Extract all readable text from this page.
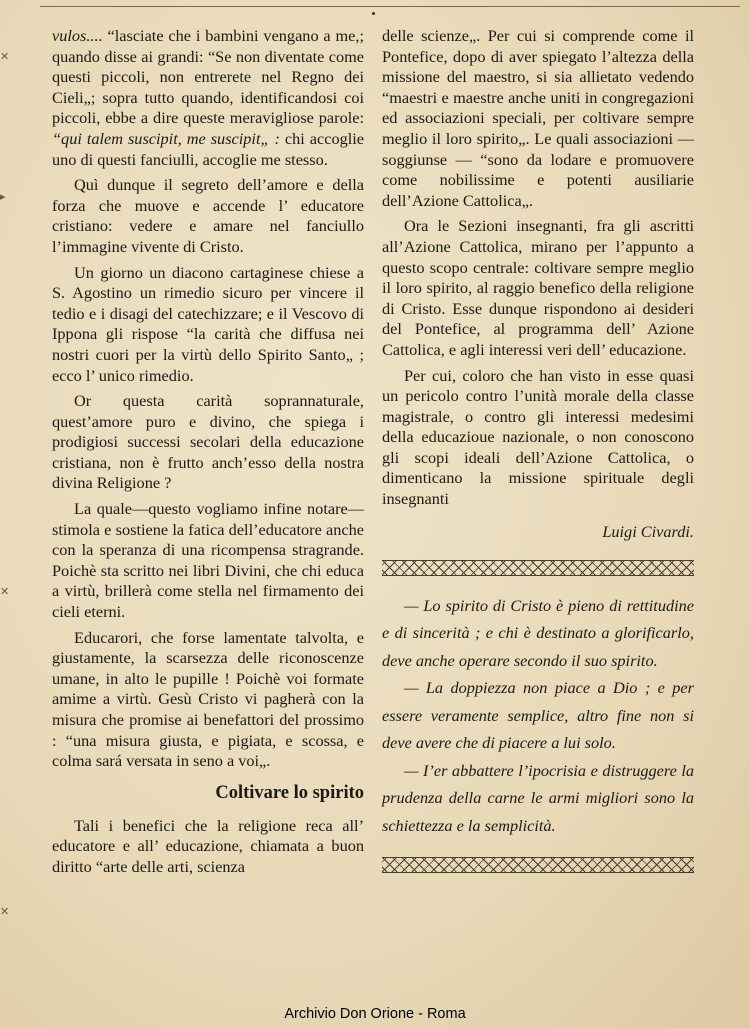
✕
▸
✕
✕

vulos.... “lasciate che i bambini vengano a me,; quando disse ai grandi: “Se non diventate come questi piccoli, non entrerete nel Regno dei Cieli„; sopra tutto quando, identificandosi coi piccoli, ebbe a dire queste meravigliose parole: “qui talem suscipit, me suscipit„ : chi accoglie uno di questi fanciulli, accoglie me stesso.

Quì dunque il segreto dell’amore e della forza che muove e accende l’ educatore cristiano: vedere e amare nel fanciullo l’immagine vivente di Cristo.

Un giorno un diacono cartaginese chiese a S. Agostino un rimedio sicuro per vincere il tedio e i disagi del catechizzare; e il Vescovo di Ippona gli rispose “la carità che diffusa nei nostri cuori per la virtù dello Spirito Santo„ ; ecco l’ unico rimedio.

Or questa carità soprannaturale, quest’amore puro e divino, che spiega i prodigiosi successi secolari della educazione cristiana, non è frutto anch’esso della nostra divina Religione ?

La quale—questo vogliamo infine notare—stimola e sostiene la fatica dell’educatore anche con la speranza di una ricompensa stragrande. Poichè sta scritto nei libri Divini, che chi educa a virtù, brillerà come stella nel firmamento dei cieli eterni.

Educarori, che forse lamentate talvolta, e giustamente, la scarsezza delle riconoscenze umane, in alto le pupille ! Poichè voi formate amime a virtù. Gesù Cristo vi pagherà con la misura che promise ai benefattori del prossimo : “una misura giusta, e pigiata, e scossa, e colma sará versata in seno a voi„.

Coltivare lo spirito

Tali i benefici che la religione reca all’ educatore e all’ educazione, chiamata a buon diritto “arte delle arti, scienza

delle scienze„. Per cui si comprende come il Pontefice, dopo di aver spiegato l’altezza della missione del maestro, si sia allietato vedendo “maestri e maestre anche uniti in congregazioni ed associazioni speciali, per coltivare sempre meglio il loro spirito„. Le quali associazioni — soggiunse — “sono da lodare e promuovere come nobilissime e potenti ausiliarie dell’Azione Cattolica„.

Ora le Sezioni insegnanti, fra gli ascritti all’Azione Cattolica, mirano per l’appunto a questo scopo centrale: coltivare sempre meglio il loro spirito, al raggio benefico della religione di Cristo. Esse dunque rispondono ai desideri del Pontefice, al programma dell’ Azione Cattolica, e agli interessi veri dell’ educazione.

Per cui, coloro che han visto in esse quasi un pericolo contro l’unità morale della classe magistrale, o contro gli interessi medesimi della educazioue nazionale, o non conoscono gli scopi ideali dell’Azione Cattolica, o dimenticano la missione spirituale degli insegnanti

Luigi Civardi.

— Lo spirito di Cristo è pieno di rettitudine e di sincerità ; e chi è destinato a glorificarlo, deve anche operare secondo il suo spirito.

— La doppiezza non piace a Dio ; e per essere veramente semplice, altro fine non si deve avere che di piacere a lui solo.

— I’er abbattere l’ipocrisia e distruggere la prudenza della carne le armi migliori sono la schiettezza e la semplicità.

Archivio Don Orione - Roma
